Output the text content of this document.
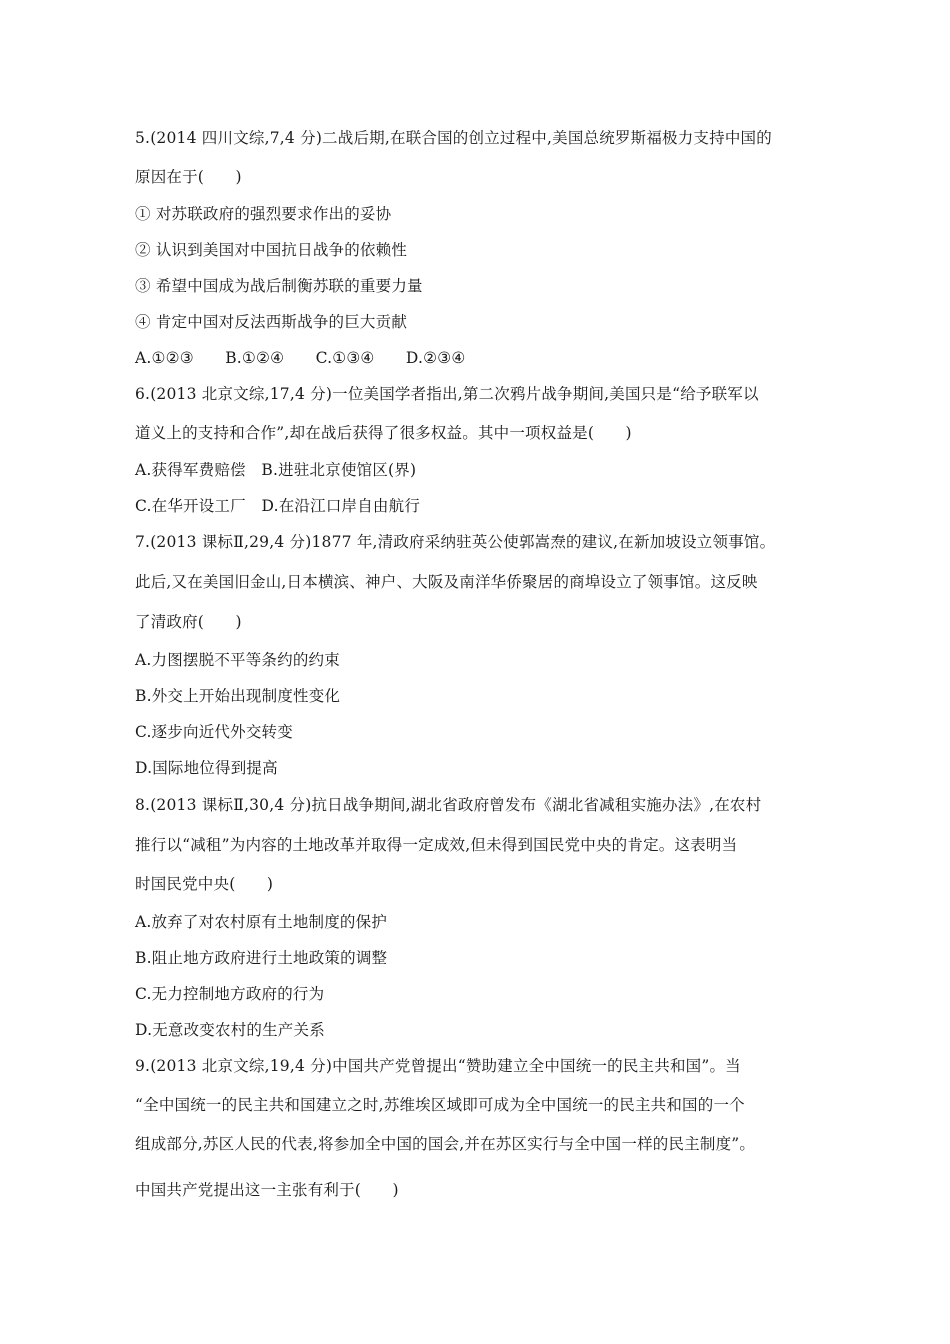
5.(2014 四川文综,7,4 分)二战后期,在联合国的创立过程中,美国总统罗斯福极力支持中国的
原因在于(　　)
① 对苏联政府的强烈要求作出的妥协
② 认识到美国对中国抗日战争的依赖性
③ 希望中国成为战后制衡苏联的重要力量
④ 肯定中国对反法西斯战争的巨大贡献
A.①②③　　B.①②④　　C.①③④　　D.②③④
6.(2013 北京文综,17,4 分)一位美国学者指出,第二次鸦片战争期间,美国只是“给予联军以
道义上的支持和合作”,却在战后获得了很多权益。其中一项权益是(　　)
A.获得军费赔偿　B.进驻北京使馆区(界)
C.在华开设工厂　D.在沿江口岸自由航行
7.(2013 课标Ⅱ,29,4 分)1877 年,清政府采纳驻英公使郭嵩焘的建议,在新加坡设立领事馆。
此后,又在美国旧金山,日本横滨、神户、大阪及南洋华侨聚居的商埠设立了领事馆。这反映
了清政府(　　)
A.力图摆脱不平等条约的约束
B.外交上开始出现制度性变化
C.逐步向近代外交转变
D.国际地位得到提高
8.(2013 课标Ⅱ,30,4 分)抗日战争期间,湖北省政府曾发布《湖北省减租实施办法》,在农村
推行以“减租”为内容的土地改革并取得一定成效,但未得到国民党中央的肯定。这表明当
时国民党中央(　　)
A.放弃了对农村原有土地制度的保护
B.阻止地方政府进行土地政策的调整
C.无力控制地方政府的行为
D.无意改变农村的生产关系
9.(2013 北京文综,19,4 分)中国共产党曾提出“赞助建立全中国统一的民主共和国”。当
“全中国统一的民主共和国建立之时,苏维埃区域即可成为全中国统一的民主共和国的一个
组成部分,苏区人民的代表,将参加全中国的国会,并在苏区实行与全中国一样的民主制度”。
中国共产党提出这一主张有利于(　　)
